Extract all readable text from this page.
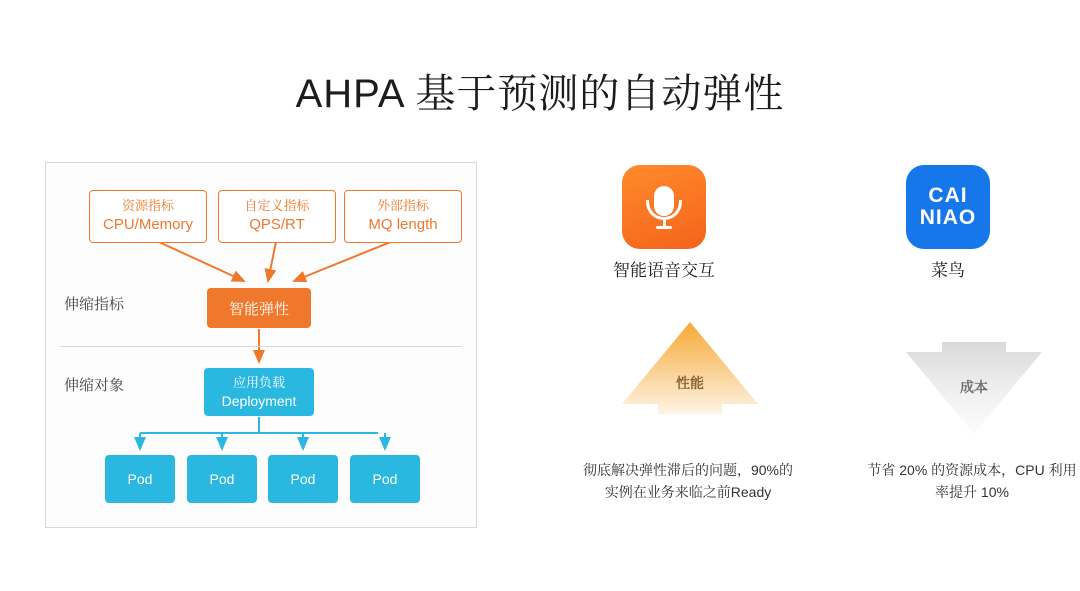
AHPA 基于预测的自动弹性
资源指标
CPU/Memory
自定义指标
QPS/RT
外部指标
MQ length
伸缩指标
伸缩对象
智能弹性
应用负载
Deployment
Pod	Pod	Pod	Pod
智能语音交互
性能
彻底解决弹性滞后的问题，90%的实例在业务来临之前Ready
CAI
NIAO
菜鸟
成本
节省 20% 的资源成本，CPU 利用率提升 10%
